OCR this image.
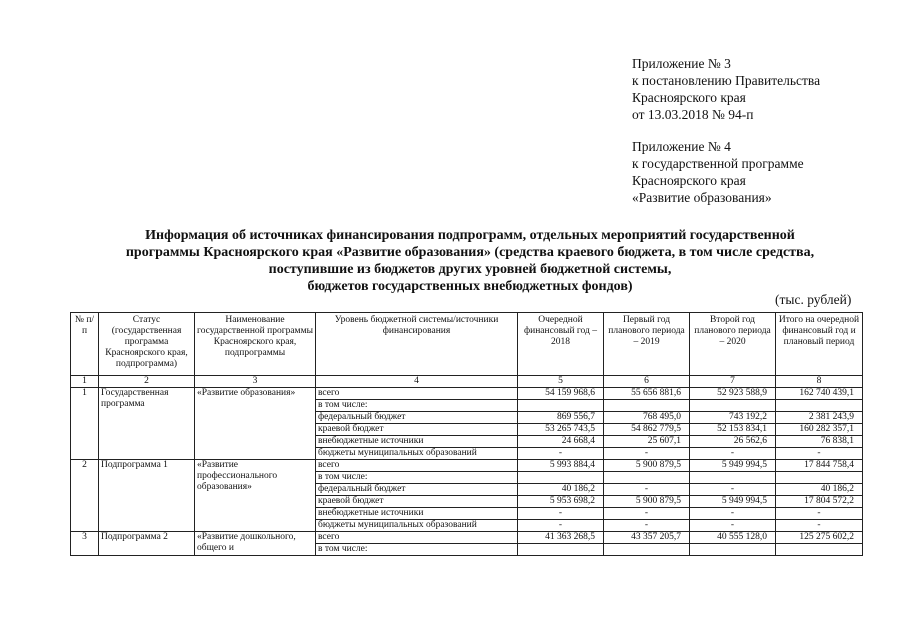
Приложение № 3
к постановлению Правительства
Красноярского края
от 13.03.2018 № 94-п
Приложение № 4
к государственной программе
Красноярского края
«Развитие образования»
Информация об источниках финансирования подпрограмм, отдельных мероприятий государственной
программы Красноярского края «Развитие образования» (средства краевого бюджета, в том числе средства,
поступившие из бюджетов других уровней бюджетной системы,
бюджетов государственных внебюджетных фондов)
(тыс. рублей)
№ п/п	Статус (государственная программа Красноярского края, подпрограмма)	Наименование государственной программы Красноярского края, подпрограммы	Уровень бюджетной системы/источники финансирования	Очередной финансовый год – 2018	Первый год планового периода – 2019	Второй год планового периода – 2020	Итого на очередной финансовый год и плановый период
1	2	3	4	5	6	7	8
1	Государственная программа	«Развитие образования»	всего	54 159 968,6	55 656 881,6	52 923 588,9	162 740 439,1
			в том числе:				
			федеральный бюджет	869 556,7	768 495,0	743 192,2	2 381 243,9
			краевой бюджет	53 265 743,5	54 862 779,5	52 153 834,1	160 282 357,1
			внебюджетные источники	24 668,4	25 607,1	26 562,6	76 838,1
			бюджеты муниципальных образований	-	-	-	-
2	Подпрограмма 1	«Развитие профессионального образования»	всего	5 993 884,4	5 900 879,5	5 949 994,5	17 844 758,4
			в том числе:				
			федеральный бюджет	40 186,2	-	-	40 186,2
			краевой бюджет	5 953 698,2	5 900 879,5	5 949 994,5	17 804 572,2
			внебюджетные источники	-	-	-	-
			бюджеты муниципальных образований	-	-	-	-
3	Подпрограмма 2	«Развитие дошкольного, общего и	всего	41 363 268,5	43 357 205,7	40 555 128,0	125 275 602,2
			в том числе:				
